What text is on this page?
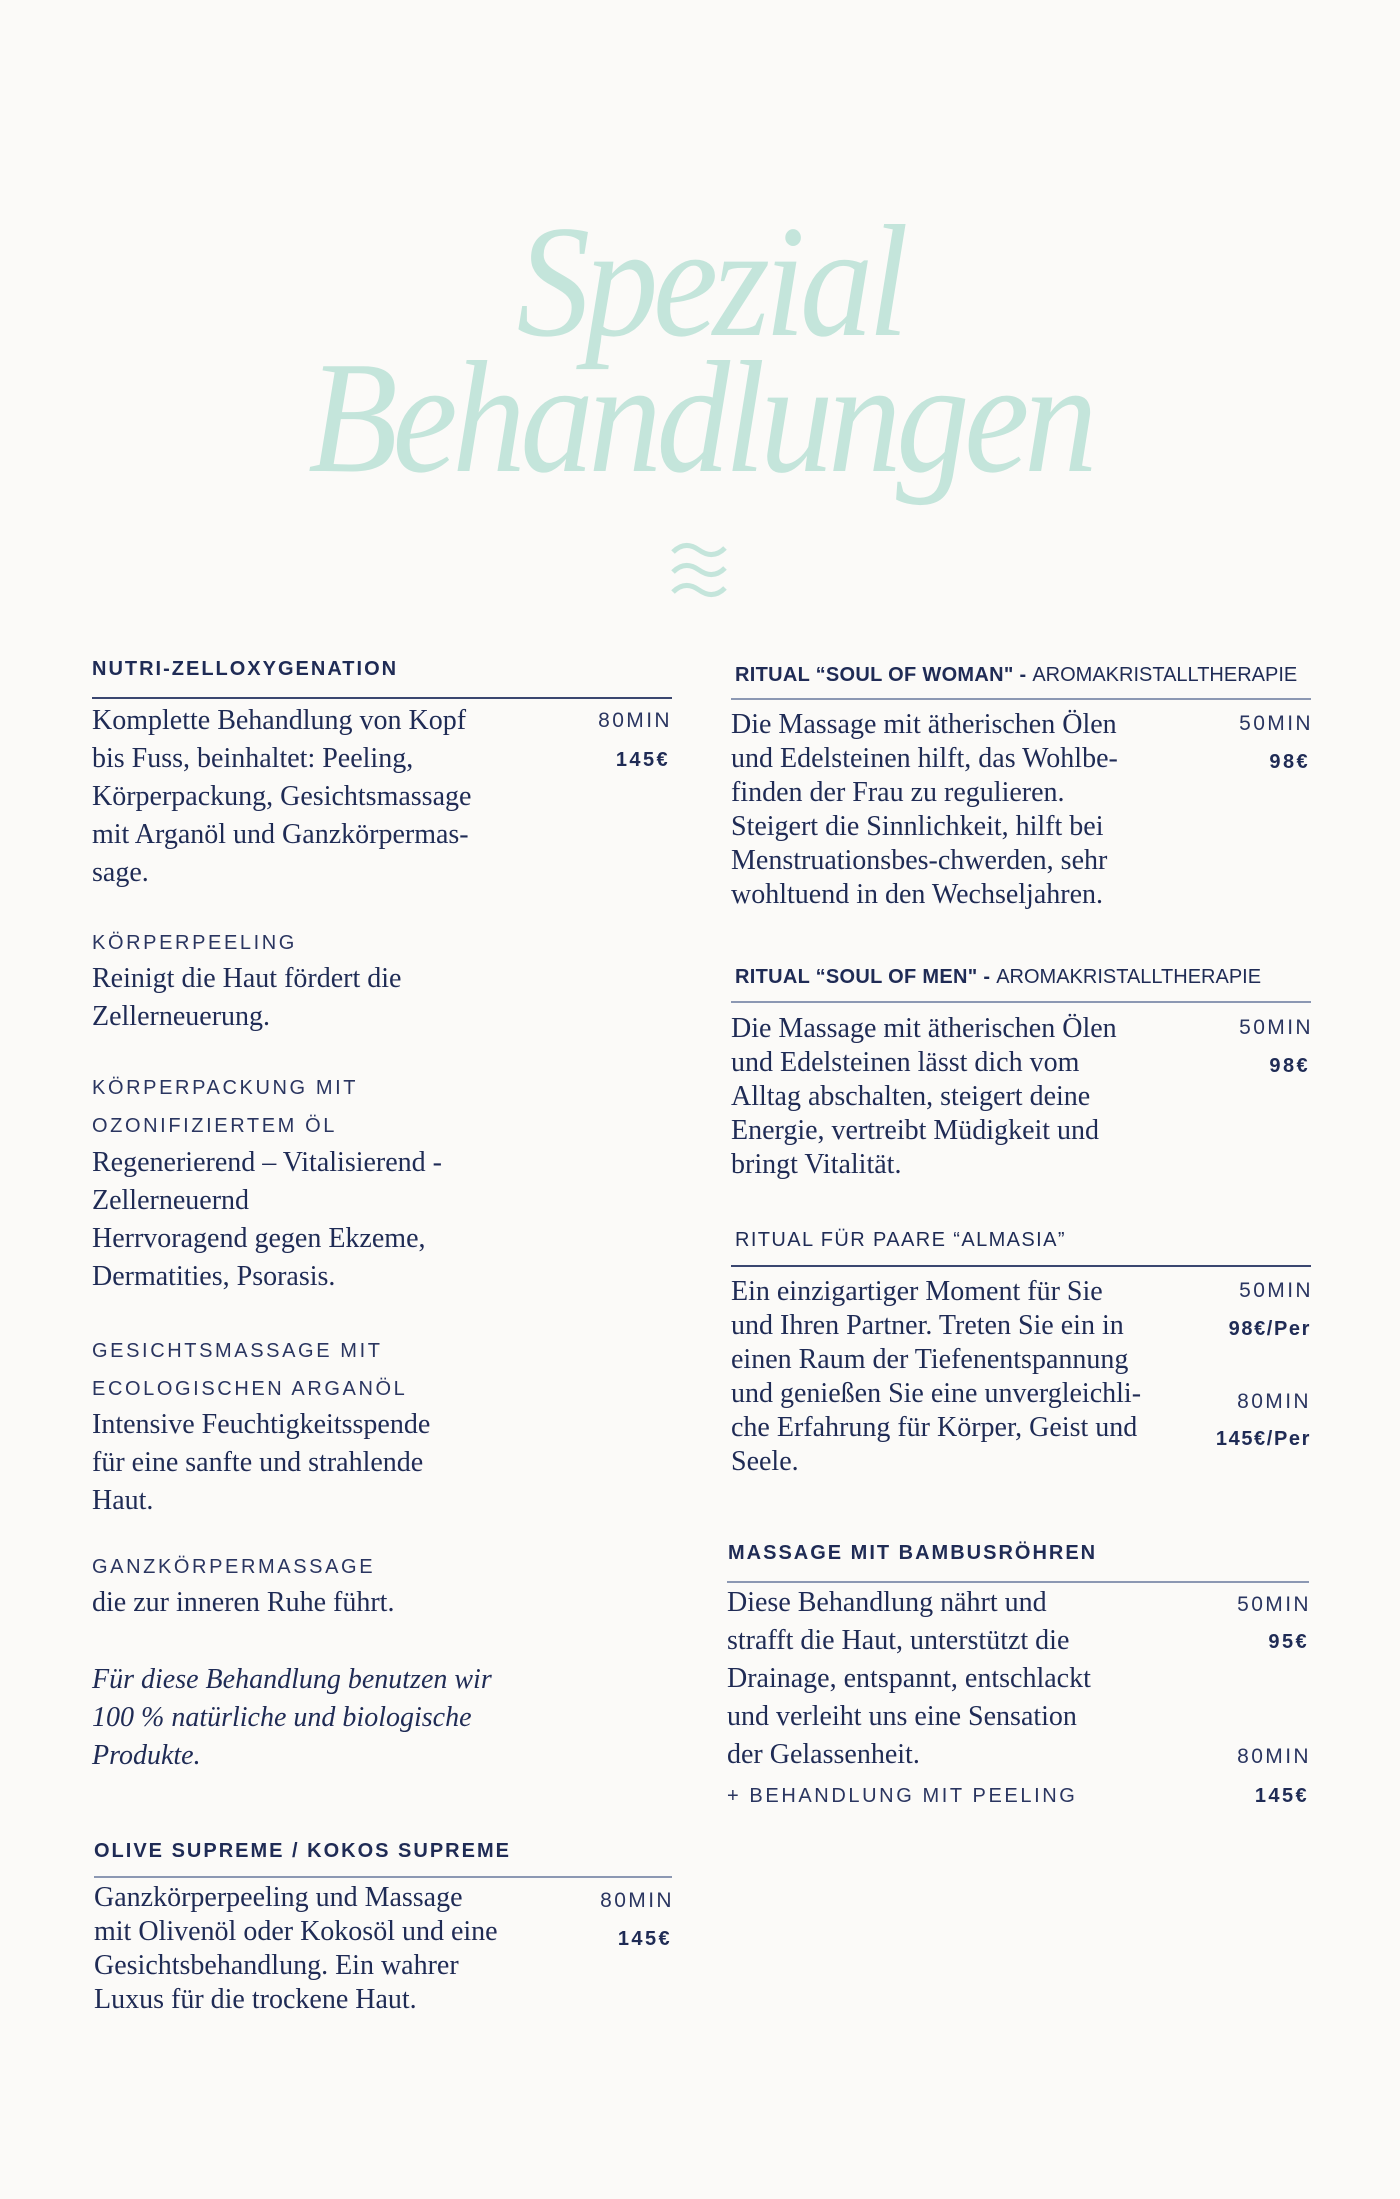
Spezial
Behandlungen
NUTRI-ZELLOXYGENATION
Komplette Behandlung von Kopf
bis Fuss, beinhaltet: Peeling,
Körperpackung, Gesichtsmassage
mit Arganöl und Ganzkörpermas-
sage.
80MIN
145€
KÖRPERPEELING
Reinigt die Haut fördert die
Zellerneuerung.
KÖRPERPACKUNG MIT
OZONIFIZIERTEM ÖL
Regenerierend – Vitalisierend -
Zellerneuernd
Herrvoragend gegen Ekzeme,
Dermatities, Psorasis.
GESICHTSMASSAGE MIT
ECOLOGISCHEN ARGANÖL
Intensive Feuchtigkeitsspende
für eine sanfte und strahlende
Haut.
GANZKÖRPERMASSAGE
die zur inneren Ruhe führt.
Für diese Behandlung benutzen wir
100 % natürliche und biologische
Produkte.
OLIVE SUPREME / KOKOS SUPREME
Ganzkörperpeeling und Massage
mit Olivenöl oder Kokosöl und eine
Gesichtsbehandlung. Ein wahrer
Luxus für die trockene Haut.
80MIN
145€
RITUAL “SOUL OF WOMAN" - AROMAKRISTALLTHERAPIE
Die Massage mit ätherischen Ölen
und Edelsteinen hilft, das Wohlbe-
finden der Frau zu regulieren.
Steigert die Sinnlichkeit, hilft bei
Menstruationsbes-chwerden, sehr
wohltuend in den Wechseljahren.
50MIN
98€
RITUAL “SOUL OF MEN" - AROMAKRISTALLTHERAPIE
Die Massage mit ätherischen Ölen
und Edelsteinen lässt dich vom
Alltag abschalten, steigert deine
Energie, vertreibt Müdigkeit und
bringt Vitalität.
50MIN
98€
RITUAL FÜR PAARE “ALMASIA”
Ein einzigartiger Moment für Sie
und Ihren Partner. Treten Sie ein in
einen Raum der Tiefenentspannung
und genießen Sie eine unvergleichli-
che Erfahrung für Körper, Geist und
Seele.
50MIN
98€/Per
80MIN
145€/Per
MASSAGE MIT BAMBUSRÖHREN
Diese Behandlung nährt und
strafft die Haut, unterstützt die
Drainage, entspannt, entschlackt
und verleiht uns eine Sensation
der Gelassenheit.
+ BEHANDLUNG MIT PEELING
50MIN
95€
80MIN
145€
